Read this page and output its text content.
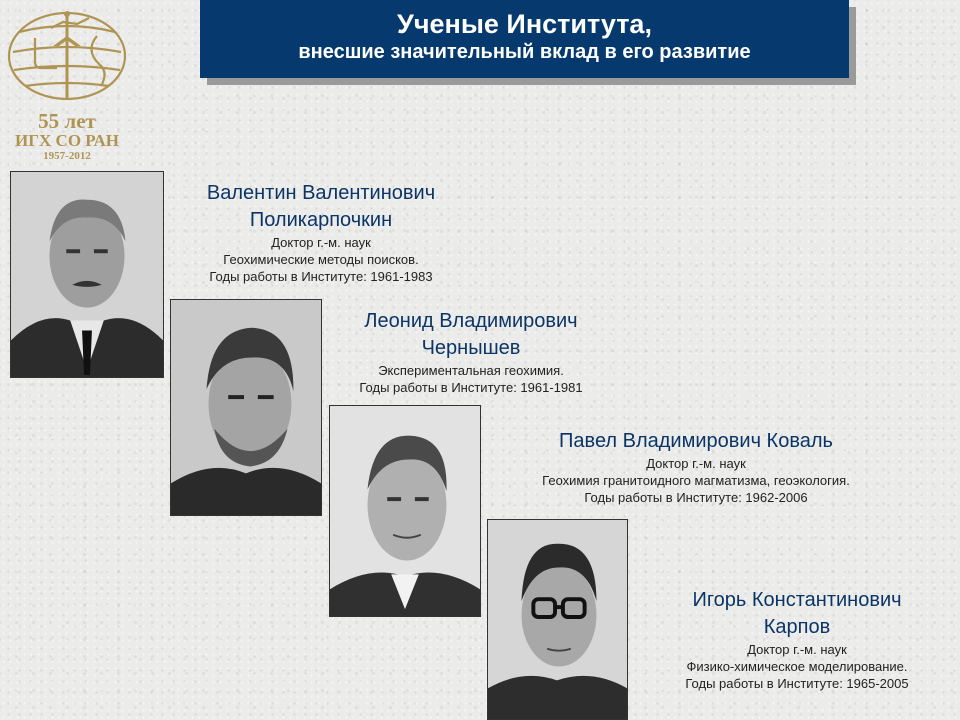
Ученые Института,
внесшие значительный вклад в его развитие
55 лет
ИГХ СО РАН
1957-2012
Валентин Валентинович
Поликарпочкин
Доктор г.-м. наук
Геохимические методы поисков.
Годы работы в Институте: 1961-1983
Леонид Владимирович
Чернышев
Экспериментальная геохимия.
Годы работы в Институте: 1961-1981
Павел Владимирович Коваль
Доктор г.-м. наук
Геохимия гранитоидного магматизма, геоэкология.
Годы работы в Институте: 1962-2006
Игорь Константинович
Карпов
Доктор г.-м. наук
Физико-химическое моделирование.
Годы работы в Институте: 1965-2005
